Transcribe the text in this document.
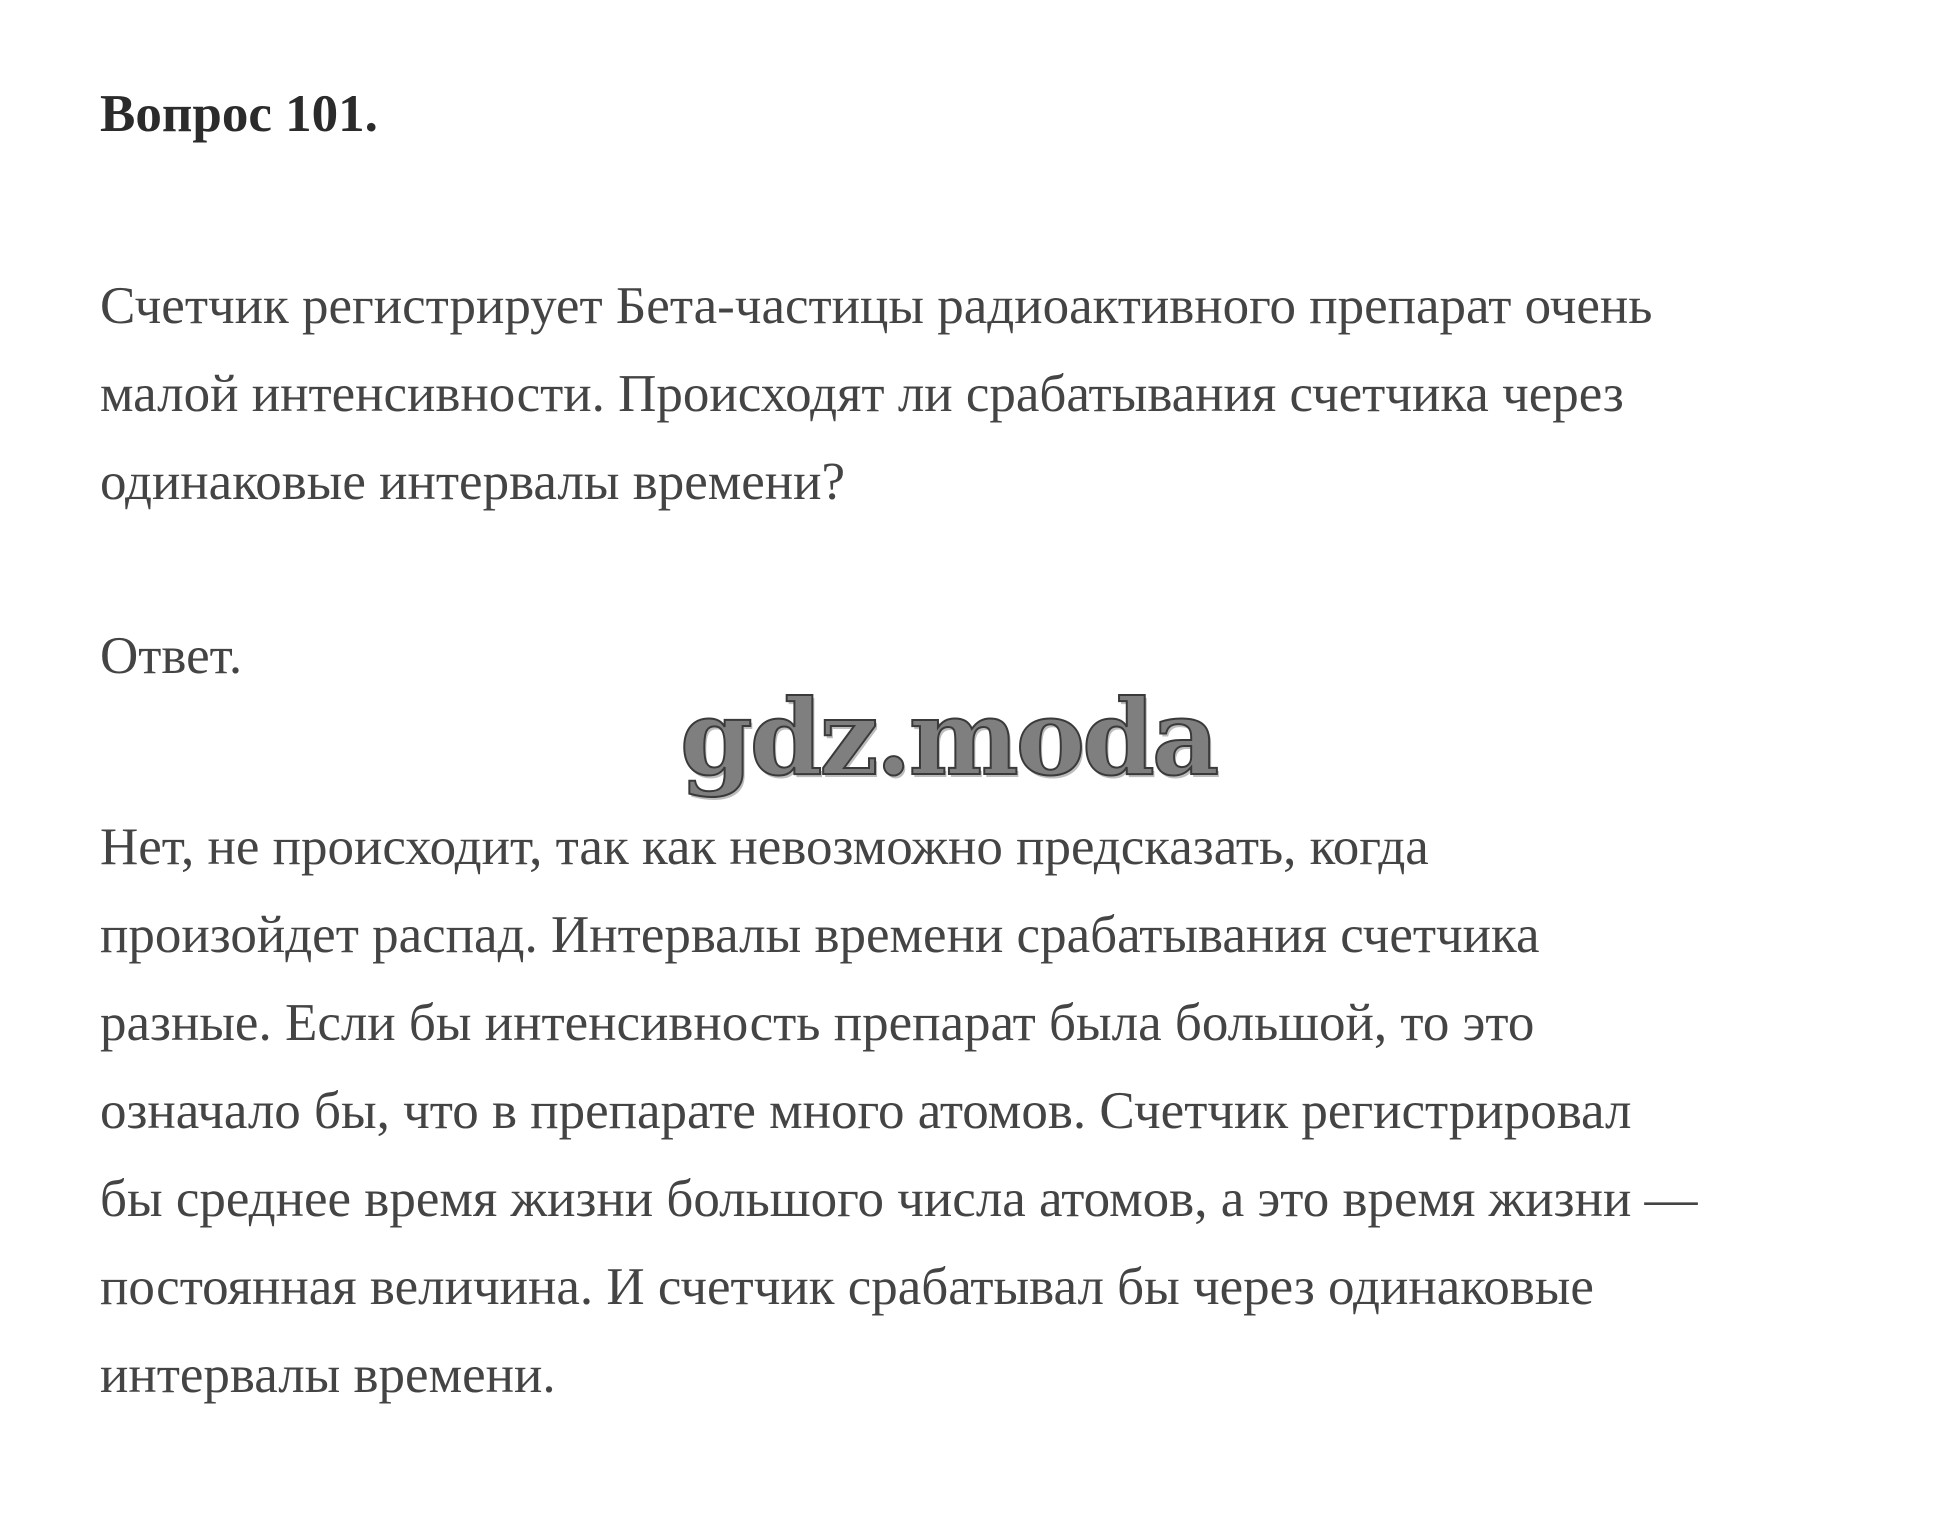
Вопрос 101.

Счетчик регистрирует Бета-частицы радиоактивного препарат очень
малой интенсивности. Происходят ли срабатывания счетчика через
одинаковые интервалы времени?

Ответ.

gdz.moda

Нет, не происходит, так как невозможно предсказать, когда
произойдет распад. Интервалы времени срабатывания счетчика
разные. Если бы интенсивность препарат была большой, то это
означало бы, что в препарате много атомов. Счетчик регистрировал
бы среднее время жизни большого числа атомов, а это время жизни —
постоянная величина. И счетчик срабатывал бы через одинаковые
интервалы времени.
